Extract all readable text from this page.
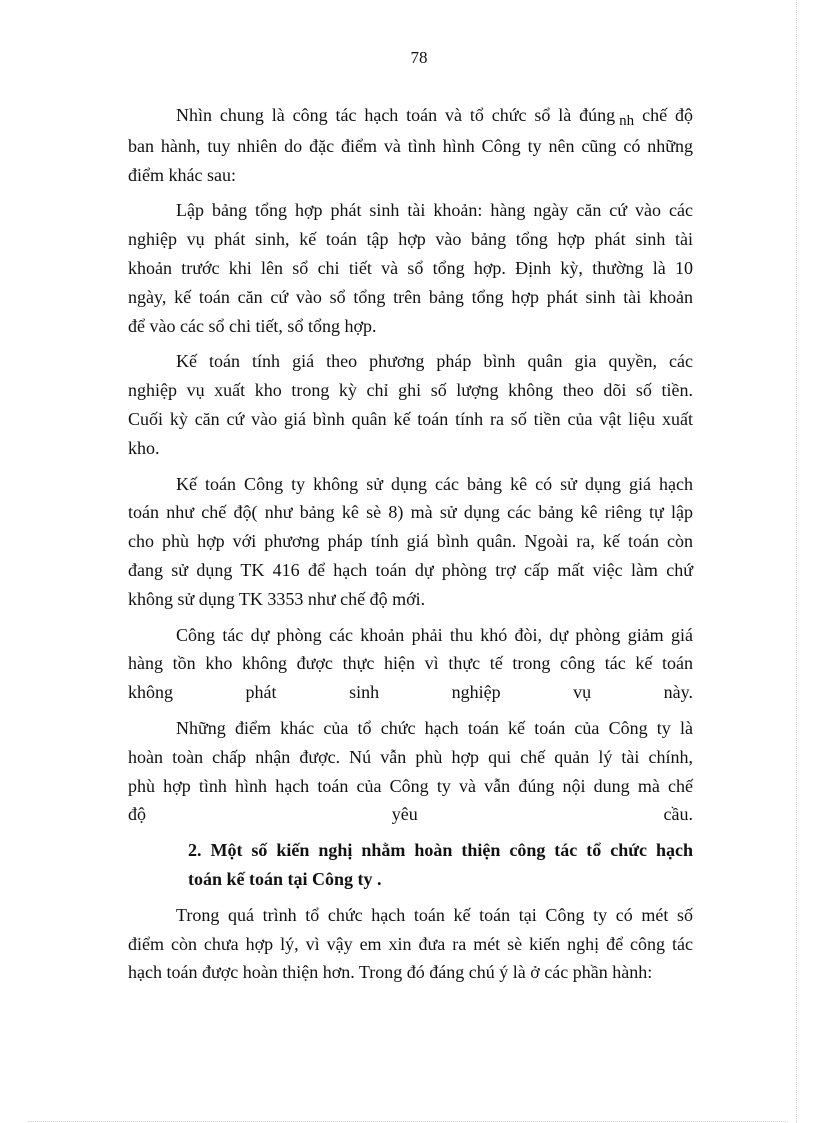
78
Nhìn chung là công tác hạch toán và tổ chức sổ là đúng $_{nh}$ chế độ
ban hành, tuy nhiên do đặc điểm và tình hình Công ty nên cũng có những
điểm khác sau:
Lập bảng tổng hợp phát sinh tài khoản: hàng ngày căn cứ vào các
nghiệp vụ phát sinh, kế toán tập hợp vào bảng tổng hợp phát sinh tài
khoản trước khi lên sổ chi tiết và sổ tổng hợp. Định kỳ, thường là 10
ngày, kế toán căn cứ vào sổ tổng trên bảng tổng hợp phát sinh tài khoản
để vào các sổ chi tiết, sổ tổng hợp.
Kế toán tính giá theo phương pháp bình quân gia quyền, các
nghiệp vụ xuất kho trong kỳ chỉ ghi số lượng không theo dõi số tiền.
Cuối kỳ căn cứ vào giá bình quân kế toán tính ra số tiền của vật liệu xuất
kho.
Kế toán Công ty không sử dụng các bảng kê có sử dụng giá hạch
toán như chế độ( như bảng kê sè 8) mà sử dụng các bảng kê riêng tự lập
cho phù hợp với phương pháp tính giá bình quân. Ngoài ra, kế toán còn
đang sử dụng TK 416 để hạch toán dự phòng trợ cấp mất việc làm chứ
không sử dụng TK 3353 như chế độ mới.
Công tác dự phòng các khoản phải thu khó đòi, dự phòng giảm giá
hàng tồn kho không được thực hiện vì thực tế trong công tác kế toán
không phát sinh nghiệp vụ này.
Những điểm khác của tổ chức hạch toán kế toán của Công ty là
hoàn toàn chấp nhận được. Nú vẫn phù hợp qui chế quản lý tài chính,
phù hợp tình hình hạch toán của Công ty và vẫn đúng nội dung mà chế
độ yêu cầu.
2. Một số kiến nghị nhằm hoàn thiện công tác tổ chức hạch
toán kế toán tại Công ty .
Trong quá trình tổ chức hạch toán kế toán tại Công ty có mét số
điểm còn chưa hợp lý, vì vậy em xin đưa ra mét sè kiến nghị để công tác
hạch toán được hoàn thiện hơn. Trong đó đáng chú ý là ở các phần hành:
